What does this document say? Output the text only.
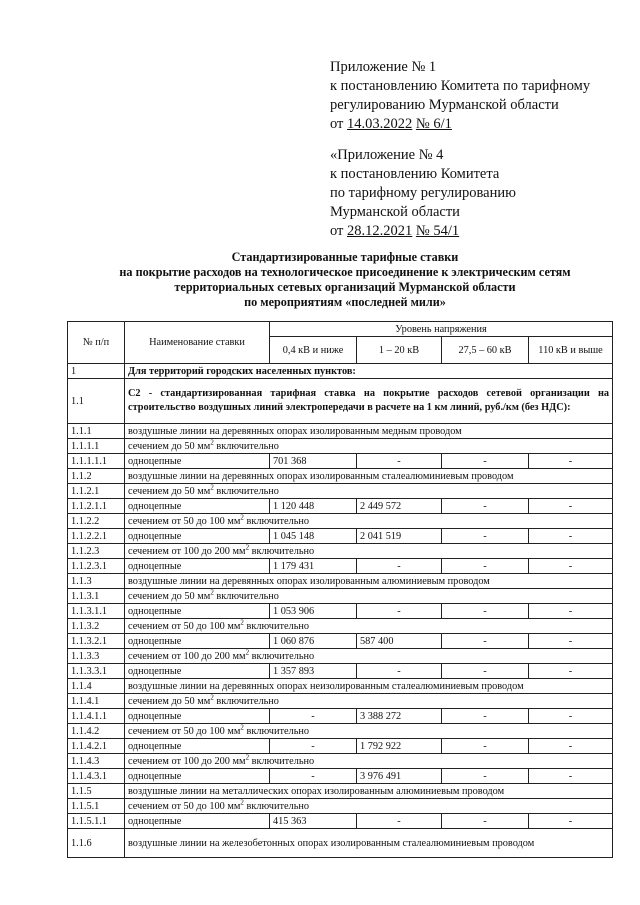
Приложение № 1
к постановлению Комитета по тарифному
регулированию Мурманской области
от 14.03.2022 № 6/1
«Приложение № 4
к постановлению Комитета
по тарифному регулированию
Мурманской области
от 28.12.2021 № 54/1
Стандартизированные тарифные ставки
на покрытие расходов на технологическое присоединение к электрическим сетям
территориальных сетевых организаций Мурманской области
по мероприятиям «последней мили»
№ п/п	Наименование ставки	Уровень напряжения			
		0,4 кВ и ниже	1 – 20 кВ	27,5 – 60 кВ	110 кВ и выше
1	Для территорий городских населенных пунктов:				
1.1	С2 - стандартизированная тарифная ставка на покрытие расходов сетевой организации на строительство воздушных линий электропередачи в расчете на 1 км линий, руб./км (без НДС):				
1.1.1	воздушные линии на деревянных опорах изолированным медным проводом				
1.1.1.1	сечением до 50 $мм^2$ включительно				
1.1.1.1.1	одноцепные	701 368	-	-	-
1.1.2	воздушные линии на деревянных опорах изолированным сталеалюминиевым проводом				
1.1.2.1	сечением до 50 $мм^2$ включительно				
1.1.2.1.1	одноцепные	1 120 448	2 449 572	-	-
1.1.2.2	сечением от 50 до 100 $мм^2$ включительно				
1.1.2.2.1	одноцепные	1 045 148	2 041 519	-	-
1.1.2.3	сечением от 100 до 200 $мм^2$ включительно				
1.1.2.3.1	одноцепные	1 179 431	-	-	-
1.1.3	воздушные линии на деревянных опорах изолированным алюминиевым проводом				
1.1.3.1	сечением до 50 $мм^2$ включительно				
1.1.3.1.1	одноцепные	1 053 906	-	-	-
1.1.3.2	сечением от 50 до 100 $мм^2$ включительно				
1.1.3.2.1	одноцепные	1 060 876	587 400	-	-
1.1.3.3	сечением от 100 до 200 $мм^2$ включительно				
1.1.3.3.1	одноцепные	1 357 893	-	-	-
1.1.4	воздушные линии на деревянных опорах неизолированным сталеалюминиевым проводом				
1.1.4.1	сечением до 50 $мм^2$ включительно				
1.1.4.1.1	одноцепные	-	3 388 272	-	-
1.1.4.2	сечением от 50 до 100 $мм^2$ включительно				
1.1.4.2.1	одноцепные	-	1 792 922	-	-
1.1.4.3	сечением от 100 до 200 $мм^2$ включительно				
1.1.4.3.1	одноцепные	-	3 976 491	-	-
1.1.5	воздушные линии на металлических опорах изолированным алюминиевым проводом				
1.1.5.1	сечением от 50 до 100 $мм^2$ включительно				
1.1.5.1.1	одноцепные	415 363	-	-	-
1.1.6	воздушные линии на железобетонных опорах изолированным сталеалюминиевым проводом				
